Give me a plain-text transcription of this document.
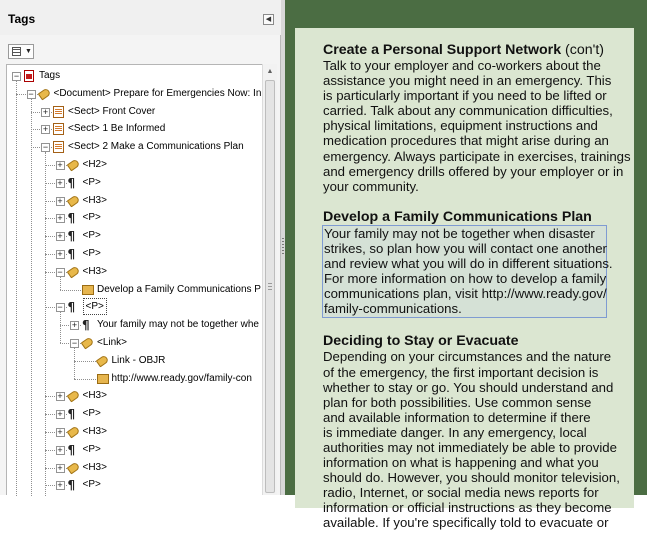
Tags	◀
▼
− Tags
− <Document> Prepare for Emergencies Now: In
+ <Sect> Front Cover
+ <Sect> 1 Be Informed
− <Sect> 2 Make a Communications Plan
+ <H2>
+ ¶ <P>
+ <H3>
+ ¶ <P>
+ ¶ <P>
+ ¶ <P>
− <H3>
Develop a Family Communications P
− ¶	<P>
+ ¶ Your family may not be together whe
− <Link>
Link - OBJR
http://www.ready.gov/family-con
+ <H3>
+ ¶ <P>
+ <H3>
+ ¶ <P>
+ <H3>
+ ¶ <P>
▲
Create a Personal Support Network (con't)
Talk to your employer and co-workers about the
assistance you might need in an emergency. This
is particularly important if you need to be lifted or
carried. Talk about any communication difficulties,
physical limitations, equipment instructions and
medication procedures that might arise during an
emergency. Always participate in exercises, trainings
and emergency drills offered by your employer or in
your community.
Develop a Family Communications Plan
Your family may not be together when disaster
strikes, so plan how you will contact one another
and review what you will do in different situations.
For more information on how to develop a family
communications plan, visit http://www.ready.gov/
family-communications.
Deciding to Stay or Evacuate
Depending on your circumstances and the nature
of the emergency, the first important decision is
whether to stay or go. You should understand and
plan for both possibilities. Use common sense
and available information to determine if there
is immediate danger. In any emergency, local
authorities may not immediately be able to provide
information on what is happening and what you
should do. However, you should monitor television,
radio, Internet, or social media news reports for
information or official instructions as they become
available. If you're specifically told to evacuate or
